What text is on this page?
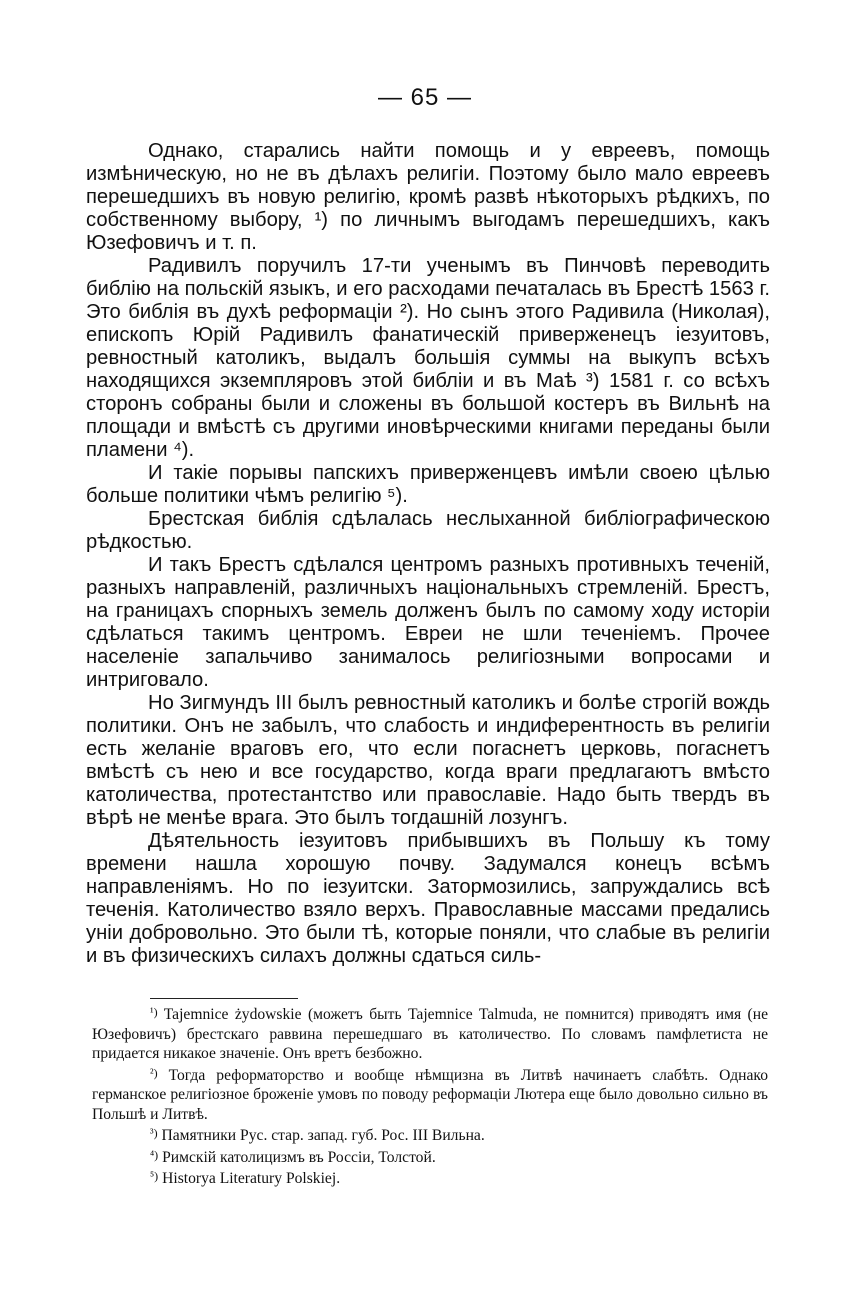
— 65 —

Однако, старались найти помощь и у евреевъ, помощь измѣническую, но не въ дѣлахъ религіи. Поэтому было мало евреевъ перешедшихъ въ новую религію, кромѣ развѣ нѣкоторыхъ рѣдкихъ, по собственному выбору, ¹) по личнымъ выгодамъ перешедшихъ, какъ Юзефовичъ и т. п.

Радивилъ поручилъ 17-ти ученымъ въ Пинчовѣ переводить библію на польскій языкъ, и его расходами печаталась въ Брестѣ 1563 г. Это библія въ духѣ реформаціи ²). Но сынъ этого Радивила (Николая), епископъ Юрій Радивилъ фанатическій приверженецъ іезуитовъ, ревностный католикъ, выдалъ большія суммы на выкупъ всѣхъ находящихся экземпляровъ этой библіи и въ Маѣ ³) 1581 г. со всѣхъ сторонъ собраны были и сложены въ большой костеръ въ Вильнѣ на площади и вмѣстѣ съ другими иновѣрческими книгами переданы были пламени ⁴).

И такіе порывы папскихъ приверженцевъ имѣли своею цѣлью больше политики чѣмъ религію ⁵).

Брестская библія сдѣлалась неслыханной библіографическою рѣдкостью.

И такъ Брестъ сдѣлался центромъ разныхъ противныхъ теченій, разныхъ направленій, различныхъ національныхъ стремленій. Брестъ, на границахъ спорныхъ земель долженъ былъ по самому ходу исторіи сдѣлаться такимъ центромъ. Евреи не шли теченіемъ. Прочее населеніе запальчиво занималось религіозными вопросами и интриговало.

Но Зигмундъ III былъ ревностный католикъ и болѣе строгій вождь политики. Онъ не забылъ, что слабость и индиферентность въ религіи есть желаніе враговъ его, что если погаснетъ церковь, погаснетъ вмѣстѣ съ нею и все государство, когда враги предлагаютъ вмѣсто католичества, протестантство или православіе. Надо быть твердъ въ вѣрѣ не менѣе врага. Это былъ тогдашній лозунгъ.

Дѣятельность іезуитовъ прибывшихъ въ Польшу къ тому времени нашла хорошую почву. Задумался конецъ всѣмъ направленіямъ. Но по іезуитски. Затормозились, запруждались всѣ теченія. Католичество взяло верхъ. Православные массами предались уніи добровольно. Это были тѣ, которые поняли, что слабые въ религіи и въ физическихъ силахъ должны сдаться силь-

¹) Tajemnice żydowskie (можетъ быть Tajemnice Talmuda, не помнится) приводятъ имя (не Юзефовичъ) брестскаго раввина перешедшаго въ католичество. По словамъ памфлетиста не придается никакое значеніе. Онъ вретъ безбожно.

²) Тогда реформаторство и вообще нѣмщизна въ Литвѣ начинаетъ слабѣть. Однако германское религіозное броженіе умовъ по поводу реформаціи Лютера еще было довольно сильно въ Польшѣ и Литвѣ.

³) Памятники Рус. стар. запад. губ. Рос. III Вильна.

⁴) Римскій католицизмъ въ Россіи, Толстой.

⁵) Historya Literatury Polskiej.
